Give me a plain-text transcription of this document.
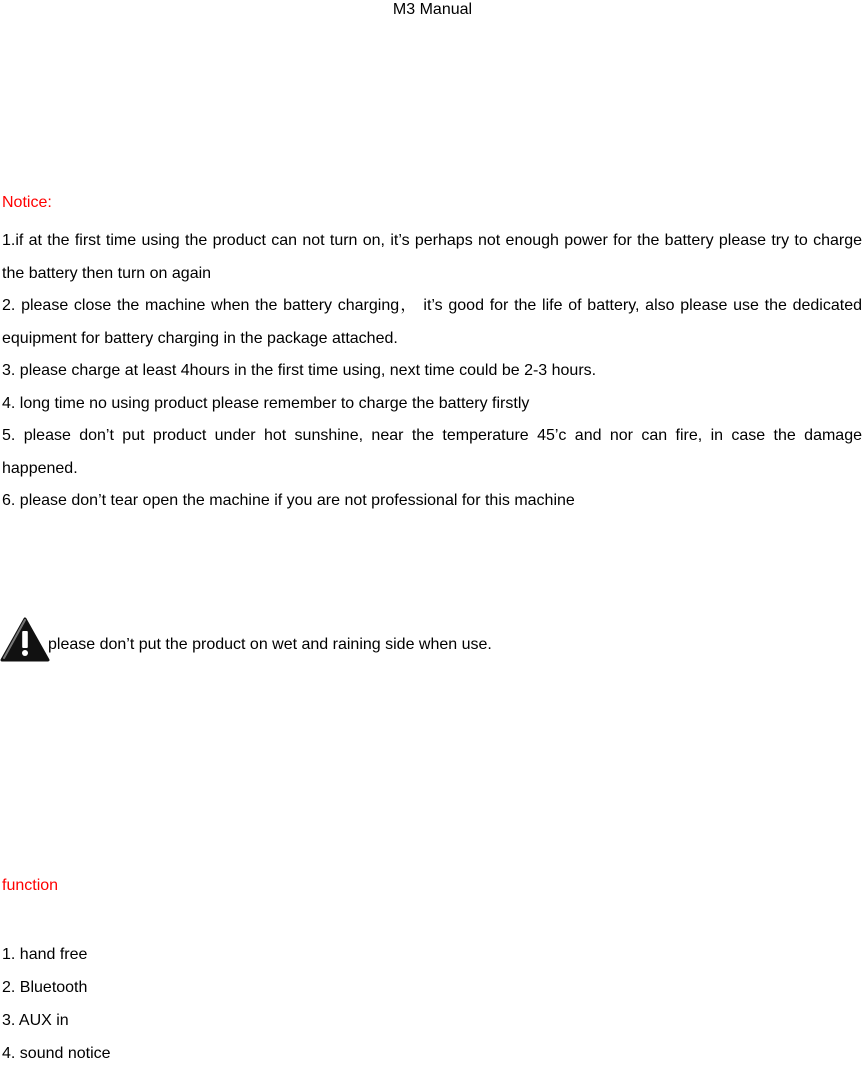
M3 Manual
Notice:

1.if at the first time using the product can not turn on, it’s perhaps not enough power for the battery please try to charge the battery then turn on again

2. please close the machine when the battery charging， it’s good for the life of battery, also please use the dedicated equipment for battery charging in the package attached.

3. please charge at least 4hours in the first time using, next time could be 2-3 hours.

4. long time no using product please remember to charge the battery firstly

5. please don’t put product under hot sunshine, near the temperature 45’c and nor can fire, in case the damage happened.

6. please don’t tear open the machine if you are not professional for this machine

please don’t put the product on wet and raining side when use.
function
1. hand free
2. Bluetooth
3. AUX in
4. sound notice
